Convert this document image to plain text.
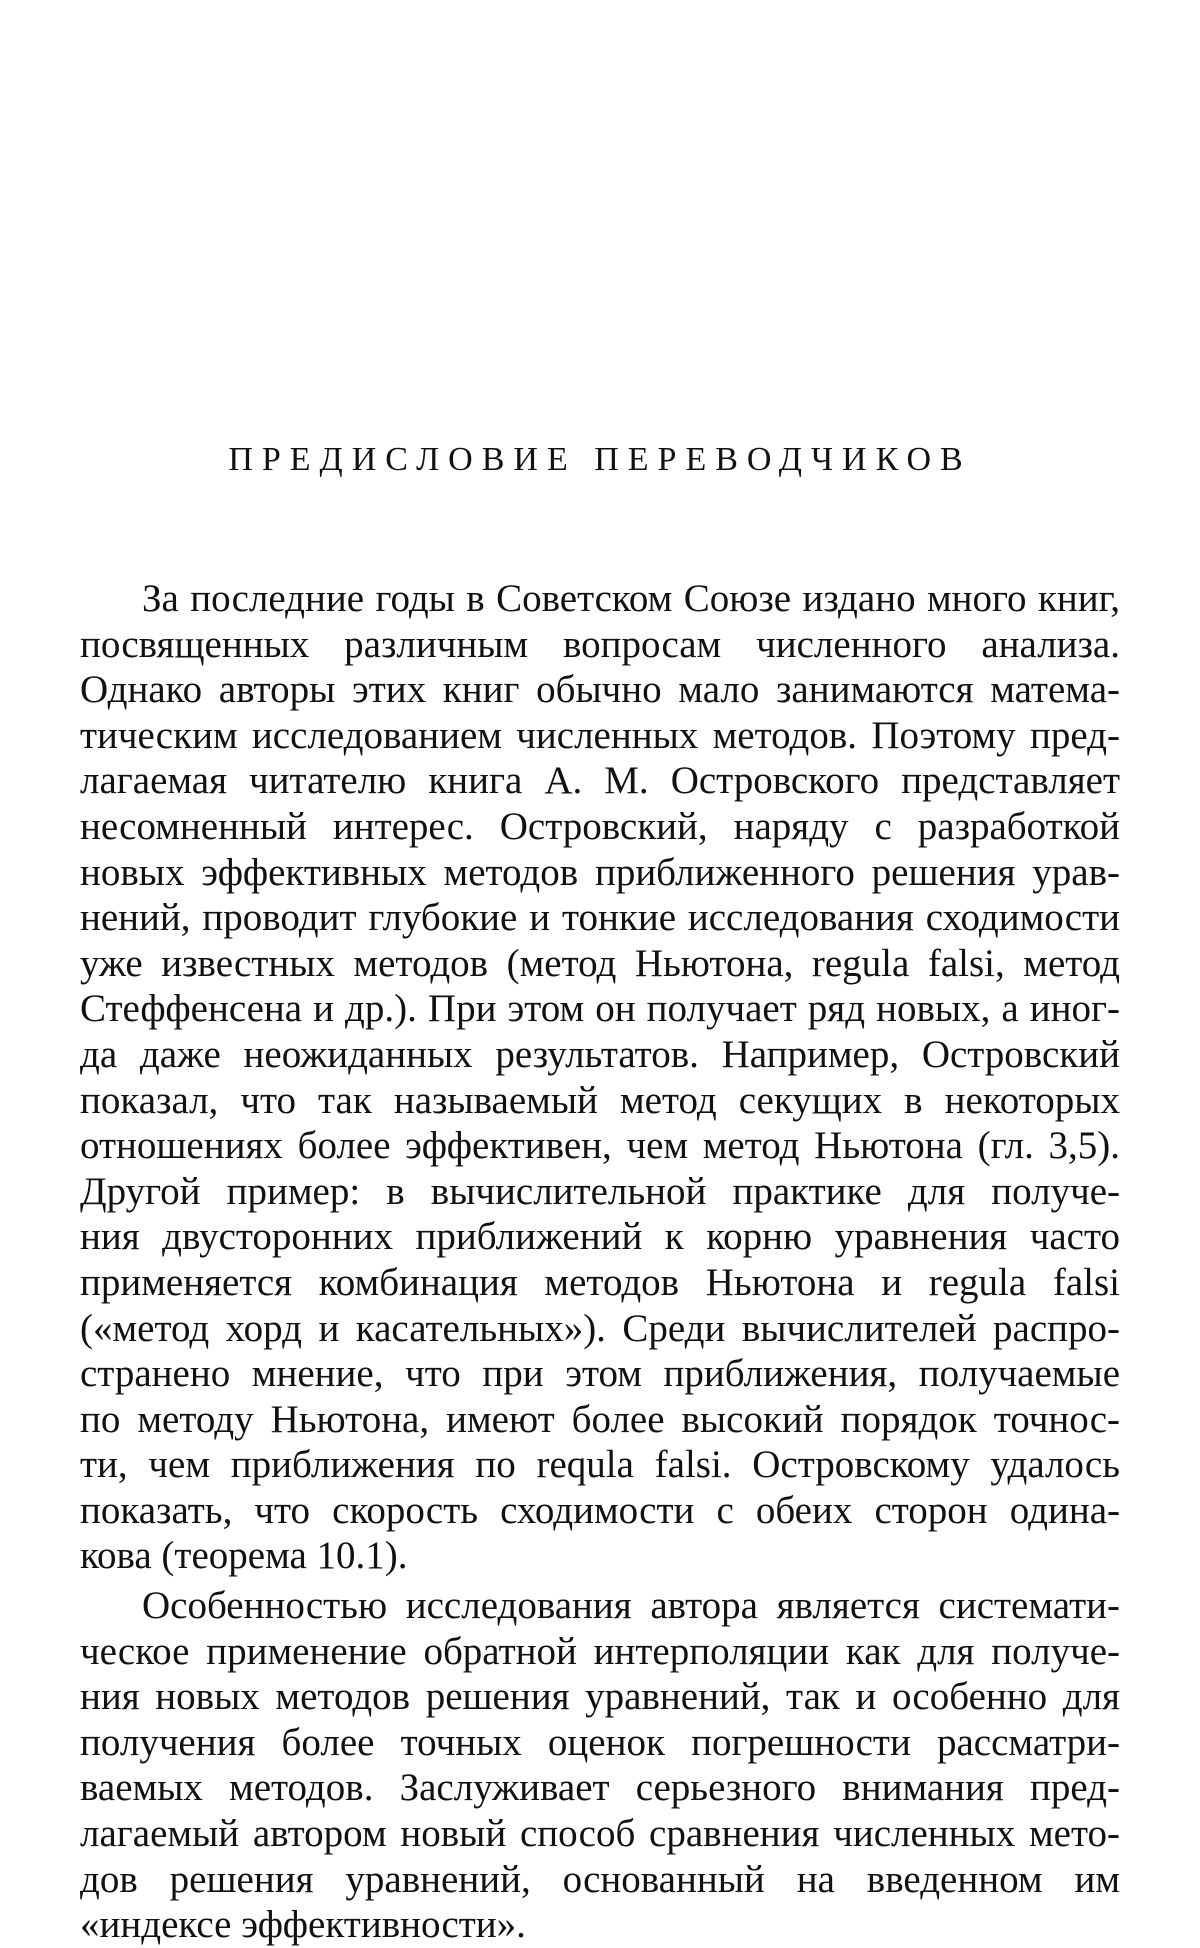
ПРЕДИСЛОВИЕ ПЕРЕВОДЧИКОВ
За последние годы в Советском Союзе издано много книг,
посвященных различным вопросам численного анализа.
Однако авторы этих книг обычно мало занимаются матема-
тическим исследованием численных методов. Поэтому пред-
лагаемая читателю книга А. М. Островского представляет
несомненный интерес. Островский, наряду с разработкой
новых эффективных методов приближенного решения урав-
нений, проводит глубокие и тонкие исследования сходимости
уже известных методов (метод Ньютона, regula falsi, метод
Стеффенсена и др.). При этом он получает ряд новых, а иног-
да даже неожиданных результатов. Например, Островский
показал, что так называемый метод секущих в некоторых
отношениях более эффективен, чем метод Ньютона (гл. 3,5).
Другой пример: в вычислительной практике для получе-
ния двусторонних приближений к корню уравнения часто
применяется комбинация методов Ньютона и regula falsi
(«метод хорд и касательных»). Среди вычислителей распро-
странено мнение, что при этом приближения, получаемые
по методу Ньютона, имеют более высокий порядок точнос-
ти, чем приближения по requla falsi. Островскому удалось
показать, что скорость сходимости с обеих сторон одина-
кова (теорема 10.1).
Особенностью исследования автора является системати-
ческое применение обратной интерполяции как для получе-
ния новых методов решения уравнений, так и особенно для
получения более точных оценок погрешности рассматри-
ваемых методов. Заслуживает серьезного внимания пред-
лагаемый автором новый способ сравнения численных мето-
дов решения уравнений, основанный на введенном им
«индексе эффективности».
